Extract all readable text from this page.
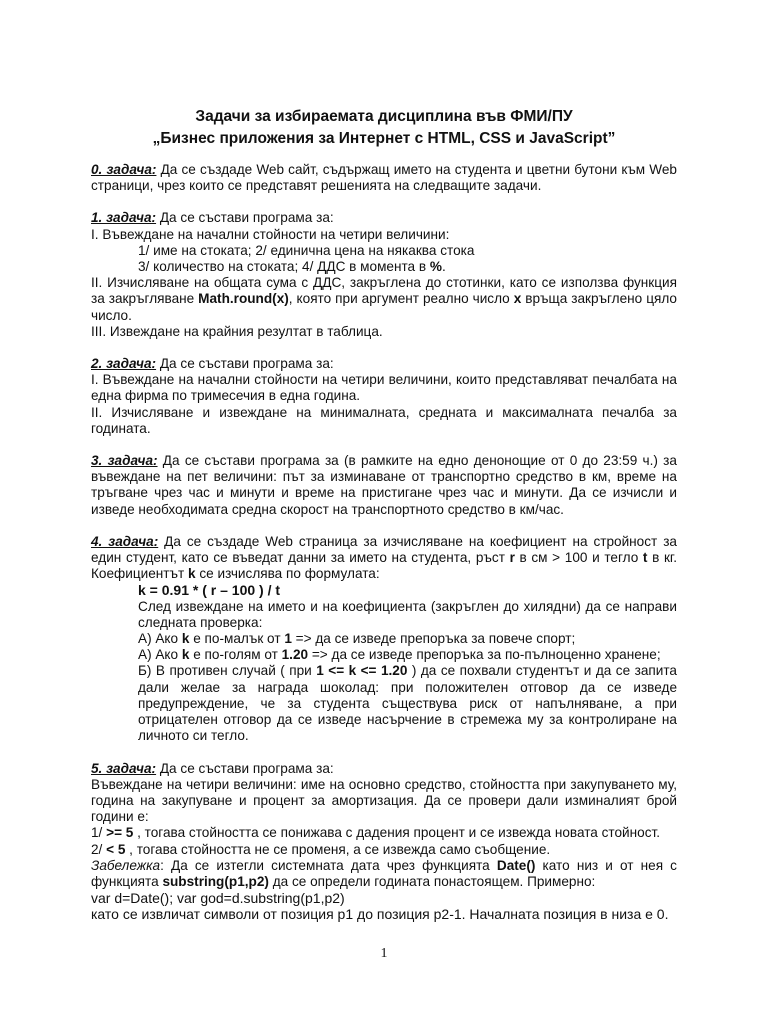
Задачи за избираемата дисциплина във ФМИ/ПУ
„Бизнес приложения за Интернет с HTML, CSS и JavaScript”

0. задача: Да се създаде Web сайт, съдържащ името на студента и цветни бутони към Web страници, чрез които се представят решенията на следващите задачи.

1. задача: Да се състави програма за:

I. Въвеждане на начални стойности на четири величини:

1/ име на стоката; 2/ единична цена на някаква стока

3/ количество на стоката; 4/ ДДС в момента в %.

II. Изчисляване на общата сума с ДДС, закръглена до стотинки, като се използва функция за закръгляване Math.round(x), която при аргумент реално число x връща закръглено цяло число.

III. Извеждане на крайния резултат в таблица.

2. задача: Да се състави програма за:

I. Въвеждане на начални стойности на четири величини, които представляват печалбата на една фирма по тримесечия в една година.

II. Изчисляване и извеждане на минималната, средната и максималната печалба за годината.

3. задача: Да се състави програма за (в рамките на едно денонощие от 0 до 23:59 ч.) за въвеждане на пет величини: път за изминаване от транспортно средство в км, време на тръгване чрез час и минути и време на пристигане чрез час и минути. Да се изчисли и изведе необходимата средна скорост на транспортното средство в км/час.

4. задача: Да се създаде Web страница за изчисляване на коефициент на стройност за един студент, като се въведат данни за името на студента, ръст r в см > 100 и тегло t в кг. Коефициентът k се изчислява по формулата:

k = 0.91 * ( r – 100 ) / t

След извеждане на името и на коефициента (закръглен до хилядни) да се направи следната проверка:

А) Ако k е по-малък от 1 => да се изведе препоръка за повече спорт;

А) Ако k е по-голям от 1.20 => да се изведе препоръка за по-пълноценно хранене;

Б) В противен случай ( при 1 <= k <= 1.20 ) да се похвали студентът и да се запита дали желае за награда шоколад: при положителен отговор да се изведе предупреждение, че за студента съществува риск от напълняване, а при отрицателен отговор да се изведе насърчение в стремежа му за контролиране на личното си тегло.

5. задача: Да се състави програма за:

Въвеждане на четири величини: име на основно средство, стойността при закупуването му, година на закупуване и процент за амортизация. Да се провери дали изминалият брой години е:

1/ >= 5 , тогава стойността се понижава с дадения процент и се извежда новата стойност.

2/ < 5 , тогава стойността не се променя, а се извежда само съобщение.

Забележка: Да се изтегли системната дата чрез функцията Date() като низ и от нея с функцията substring(p1,p2) да се определи годината понастоящем. Примерно:

var d=Date(); var god=d.substring(p1,p2)

като се извличат символи от позиция р1 до позиция р2-1. Началната позиция в низа е 0.

1
